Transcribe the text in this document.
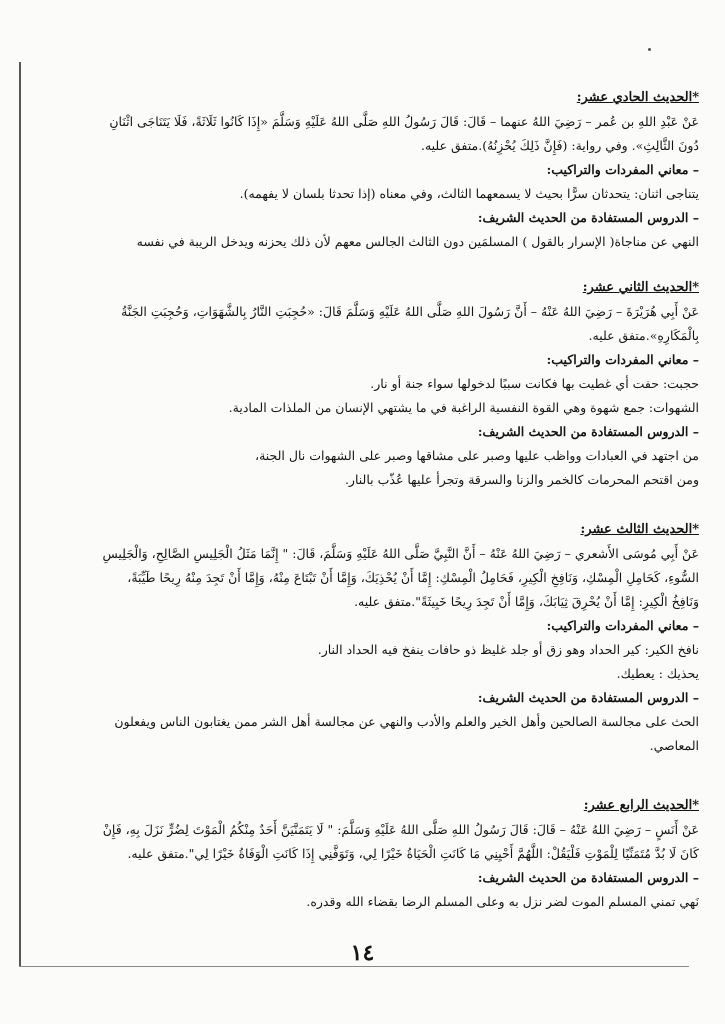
*الحديث الحادي عشر:
عَنْ عَبْدِ اللهِ بن عُمر – رَضِيَ اللهُ عنهما – قَالَ: قَالَ رَسُولُ اللهِ صَلَّى اللهُ عَلَيْهِ وَسَلَّمَ «إِذَا كَانُوا ثَلَاثَةً، فَلَا يَتَنَاجَى اثْنَانِ
دُونَ الثَّالِثِ». وفي رواية: (فَإِنَّ ذَلِكَ يُحْزِنُهُ).متفق عليه.
– معاني المفردات والتراكيب:
يتناجى اثنان: يتحدثان سرًّا بحيث لا يسمعهما الثالث، وفي معناه (إذا تحدثا بلسان لا يفهمه).
– الدروس المستفادة من الحديث الشريف:
النهي عن مناجاة( الإسرار بالقول ) المسلمَين دون الثالث الجالس معهم لأن ذلك يحزنه ويدخل الريبة في نفسه
*الحديث الثاني عشر:
عَنْ أَبِي هُرَيْرَةَ – رَضِيَ اللهُ عَنْهُ – أَنَّ رَسُولَ اللهِ صَلَّى اللهُ عَلَيْهِ وَسَلَّمَ قَالَ: «حُجِبَتِ النَّارُ بِالشَّهَوَاتِ، وَحُجِبَتِ الجَنَّةُ
بِالْمَكَارِهِ».متفق عليه.
– معاني المفردات والتراكيب:
حجبت: حفت أي غطيت بها فكانت سببًا لدخولها سواء جنة أو نار.
الشهوات: جمع شهوة وهي القوة النفسية الراغبة في ما يشتهي الإنسان من الملذات المادية.
– الدروس المستفادة من الحديث الشريف:
من اجتهد في العبادات وواظب عليها وصبر على مشاقها وصبر على الشهوات نال الجنة،
ومن اقتحم المحرمات كالخمر والزنا والسرقة وتجرأ عليها عُذّب بالنار.
*الحديث الثالث عشر:
عَنْ أَبِي مُوسَى الأَشعري – رَضِيَ اللهُ عَنْهُ – أَنَّ النَّبِيَّ صَلَّى اللهُ عَلَيْهِ وَسَلَّمَ، قَالَ: " إِنَّمَا مَثَلُ الْجَلِيسِ الصَّالِحِ، وَالْجَلِيسِ
السُّوءِ، كَحَامِلِ الْمِسْكِ، وَنَافِخِ الْكِيرِ، فَحَامِلُ الْمِسْكِ: إِمَّا أَنْ يُحْذِيَكَ، وَإِمَّا أَنْ تَبْتَاعَ مِنْهُ، وَإِمَّا أَنْ تَجِدَ مِنْهُ رِيحًا طَيِّبَةً،
وَنَافِخُ الْكِيرِ: إِمَّا أَنْ يُحْرِقَ ثِيَابَكَ، وَإِمَّا أَنْ تَجِدَ رِيحًا خَبِيثَةً".متفق عليه.
– معاني المفردات والتراكيب:
نافخ الكير: كير الحداد وهو زق أو جلد غليظ ذو حافات ينفخ فيه الحداد النار.
يحذيك : يعطيك.
– الدروس المستفادة من الحديث الشريف:
الحث على مجالسة الصالحين وأهل الخير والعلم والأدب والنهي عن مجالسة أهل الشر ممن يغتابون الناس ويفعلون
المعاصي.
*الحديث الرابع عشر:
عَنْ أَنَسٍ – رَضِيَ اللهُ عَنْهُ – قَالَ: قَالَ رَسُولُ اللهِ صَلَّى اللهُ عَلَيْهِ وَسَلَّمَ: " لَا يَتَمَنَّيَنَّ أَحَدٌ مِنْكُمُ الْمَوْتَ لِضُرٍّ نَزَلَ بِهِ، فَإِنْ
كَانَ لَا بُدَّ مُتَمَنِّيًا لِلْمَوْتِ فَلْيَقُلْ: اللَّهُمَّ أَحْيِنِي مَا كَانَتِ الْحَيَاةُ خَيْرًا لِي، وَتَوَفَّنِي إِذَا كَانَتِ الْوَفَاةُ خَيْرًا لِي".متفق عليه.
– الدروس المستفادة من الحديث الشريف:
نَهي تمني المسلم الموت لضر نزل به وعلى المسلم الرضا بقضاء الله وقدره.
١٤
